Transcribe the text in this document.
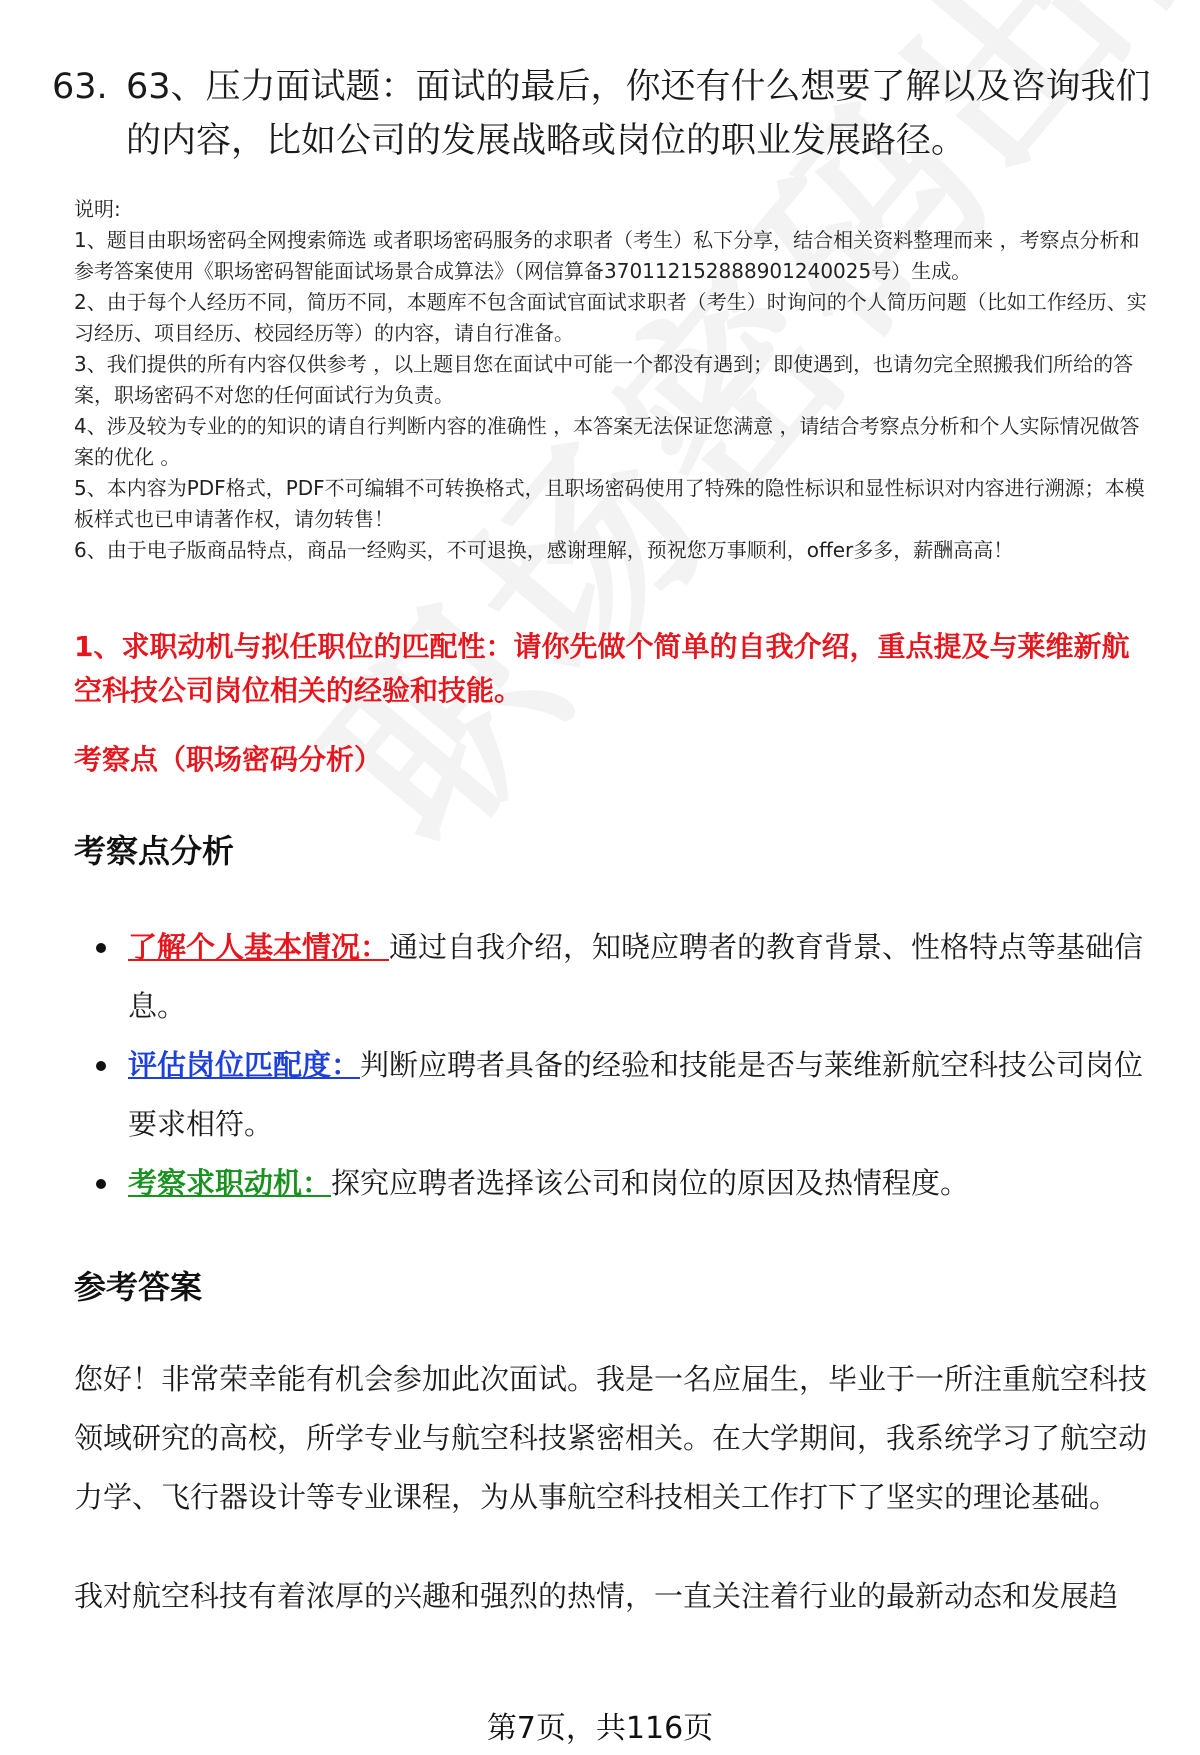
63. 63、压力面试题：面试的最后，你还有什么想要了解以及咨询我们的内容，比如公司的发展战略或岗位的职业发展路径。

说明:

1、题目由职场密码全网搜索筛选 或者职场密码服务的求职者（考生）私下分享，结合相关资料整理而来 ，考察点分析和参考答案使用《职场密码智能面试场景合成算法》（网信算备370112152888901240025号）生成。

2、由于每个人经历不同，简历不同，本题库不包含面试官面试求职者（考生）时询问的个人简历问题（比如工作经历、实习经历、项目经历、校园经历等）的内容，请自行准备。

3、我们提供的所有内容仅供参考 ，以上题目您在面试中可能一个都没有遇到；即使遇到，也请勿完全照搬我们所给的答案，职场密码不对您的任何面试行为负责。

4、涉及较为专业的的知识的请自行判断内容的准确性 ，本答案无法保证您满意 ，请结合考察点分析和个人实际情况做答案的优化 。

5、本内容为PDF格式，PDF不可编辑不可转换格式，且职场密码使用了特殊的隐性标识和显性标识对内容进行溯源；本模板样式也已申请著作权，请勿转售！

6、由于电子版商品特点，商品一经购买，不可退换，感谢理解，预祝您万事顺利，offer多多，薪酬高高！

1、求职动机与拟任职位的匹配性：请你先做个简单的自我介绍，重点提及与莱维新航空科技公司岗位相关的经验和技能。
考察点（职场密码分析）
考察点分析
了解个人基本情况：通过自我介绍，知晓应聘者的教育背景、性格特点等基础信息。
评估岗位匹配度：判断应聘者具备的经验和技能是否与莱维新航空科技公司岗位要求相符。
考察求职动机：探究应聘者选择该公司和岗位的原因及热情程度。
参考答案

您好！非常荣幸能有机会参加此次面试。我是一名应届生，毕业于一所注重航空科技领域研究的高校，所学专业与航空科技紧密相关。在大学期间，我系统学习了航空动力学、飞行器设计等专业课程，为从事航空科技相关工作打下了坚实的理论基础。

我对航空科技有着浓厚的兴趣和强烈的热情，一直关注着行业的最新动态和发展趋

第7页，共116页
